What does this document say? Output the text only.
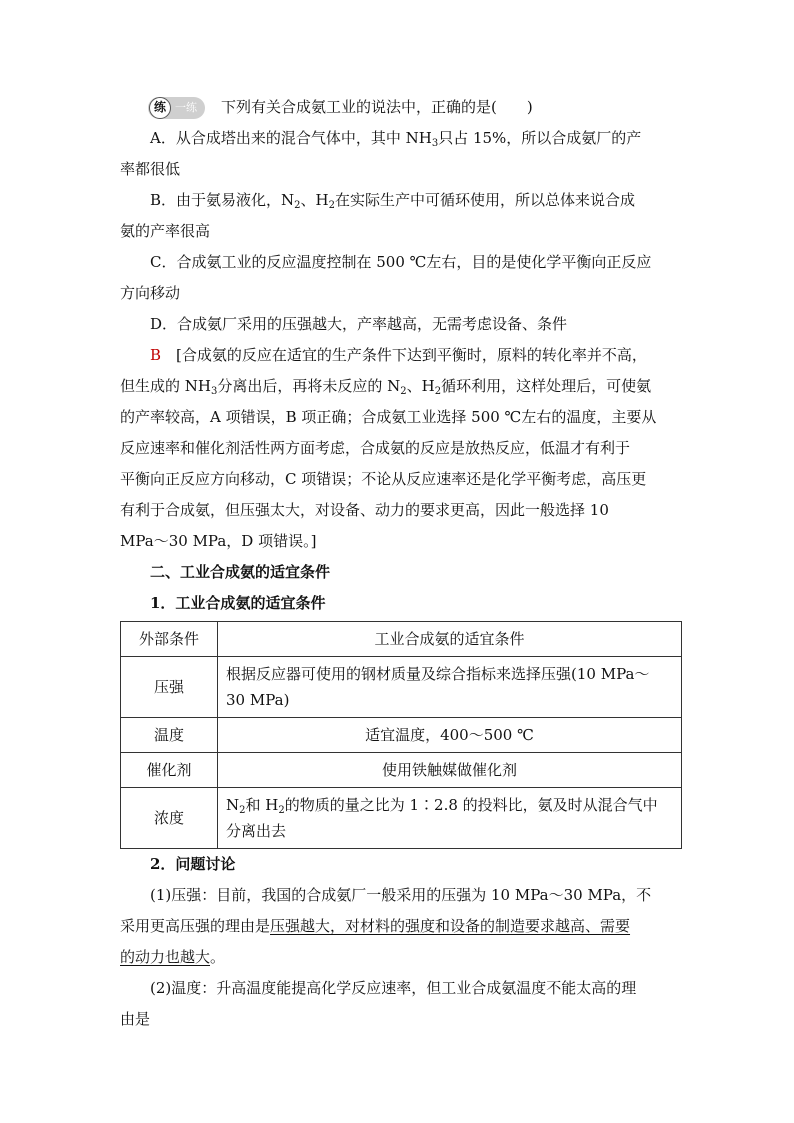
练 一练	下列有关合成氨工业的说法中，正确的是(　　)
A．从合成塔出来的混合气体中，其中 $NH_3$只占 15%，所以合成氨厂的产
率都很低
B．由于氨易液化，$N_2$、$H_2$在实际生产中可循环使用，所以总体来说合成
氨的产率很高
C．合成氨工业的反应温度控制在 500 ℃左右，目的是使化学平衡向正反应
方向移动
D．合成氨厂采用的压强越大，产率越高，无需考虑设备、条件
B　 [合成氨的反应在适宜的生产条件下达到平衡时，原料的转化率并不高，
但生成的 $NH_3$分离出后，再将未反应的 $N_2$、$H_2$循环利用，这样处理后，可使氨
的产率较高，A 项错误，B 项正确；合成氨工业选择 500 ℃左右的温度，主要从
反应速率和催化剂活性两方面考虑，合成氨的反应是放热反应，低温才有利于
平衡向正反应方向移动，C 项错误；不论从反应速率还是化学平衡考虑，高压更
有利于合成氨，但压强太大，对设备、动力的要求更高，因此一般选择 10
MPa～30 MPa，D 项错误。]
二、工业合成氨的适宜条件
1．工业合成氨的适宜条件
外部条件	工业合成氨的适宜条件
压强	根据反应器可使用的钢材质量及综合指标来选择压强(10 MPa～
30 MPa)
温度	适宜温度，400～500 ℃
催化剂	使用铁触媒做催化剂
浓度	$N_2$和 $H_2$的物质的量之比为 1∶2.8 的投料比，氨及时从混合气中
分离出去
2．问题讨论
(1)压强：目前，我国的合成氨厂一般采用的压强为 10 MPa～30 MPa，不
采用更高压强的理由是压强越大，对材料的强度和设备的制造要求越高、需要
的动力也越大。
(2)温度：升高温度能提高化学反应速率，但工业合成氨温度不能太高的理
由是
